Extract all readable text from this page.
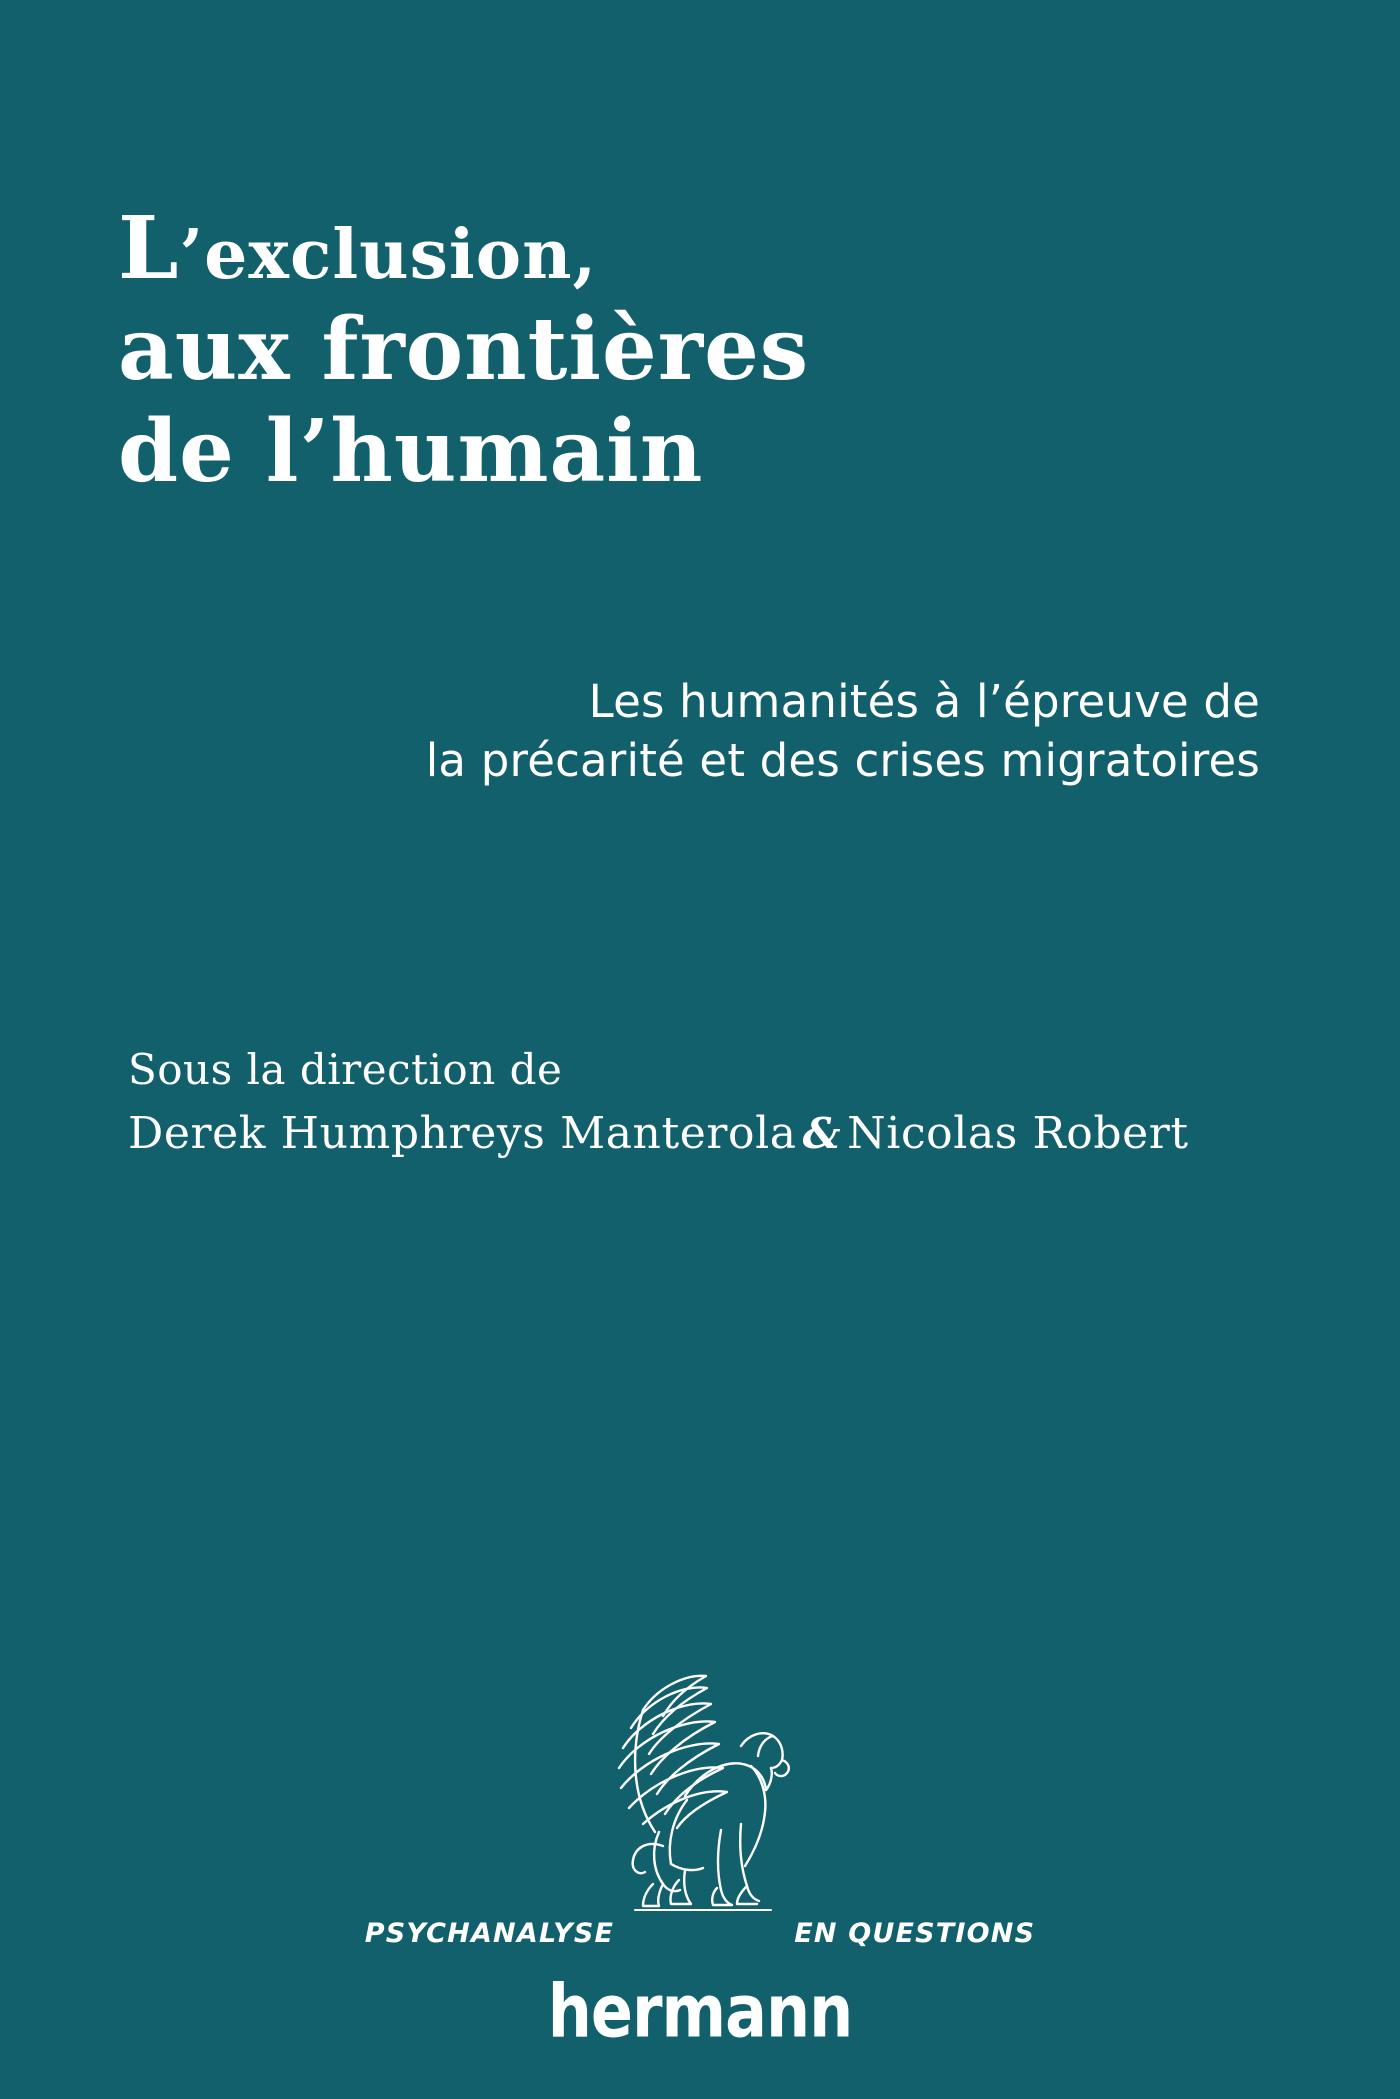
L’exclusion,
aux frontières
de l’humain
Les humanités à l’épreuve de
la précarité et des crises migratoires
Sous la direction de
Derek Humphreys Manterola & Nicolas Robert
PSYCHANALYSE	EN QUESTIONS
hermann
